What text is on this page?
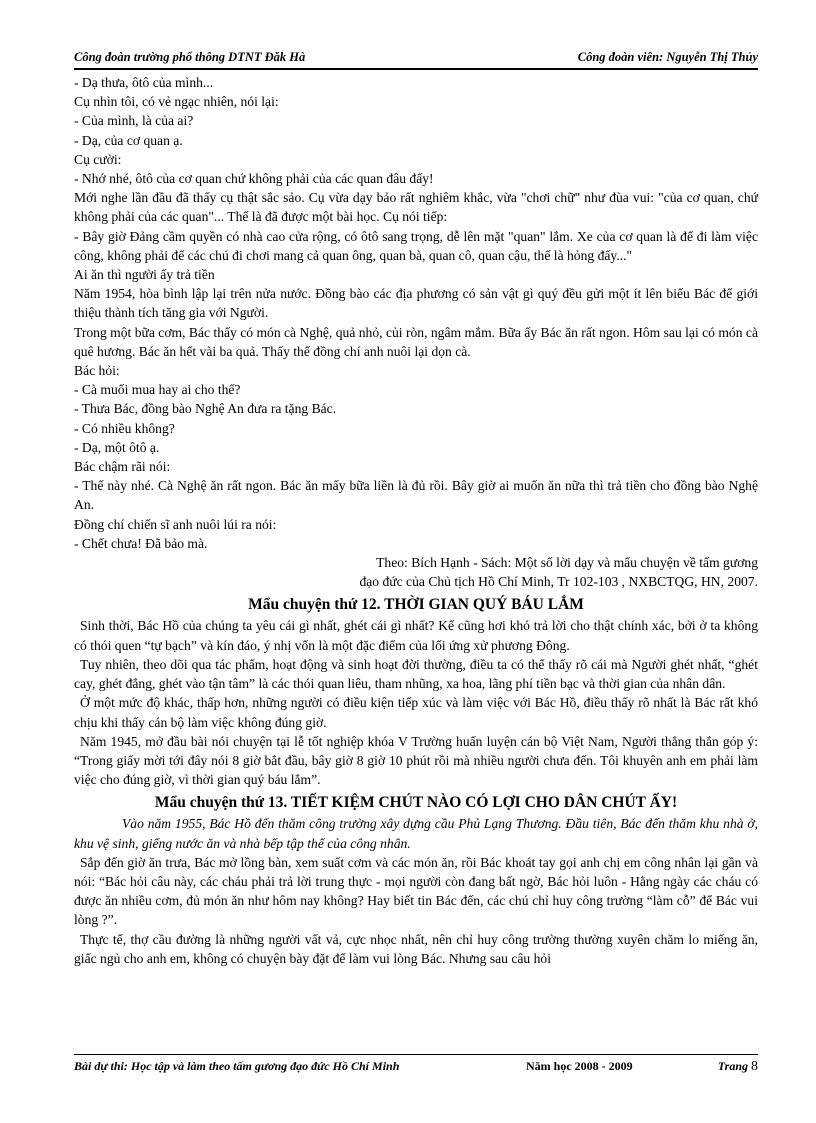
Công đoàn trường phổ thông DTNT Đăk Hà	Công đoàn viên: Nguyễn Thị Thủy

- Dạ thưa, ôtô của mình...

Cụ nhìn tôi, có vẻ ngạc nhiên, nói lại:

- Của mình, là của ai?

- Dạ, của cơ quan ạ.

Cụ cười:

- Nhớ nhé, ôtô của cơ quan chứ không phải của các quan đâu đấy!

Mới nghe lần đầu đã thấy cụ thật sắc sảo. Cụ vừa dạy bảo rất nghiêm khắc, vừa "chơi chữ" như đùa vui: "của cơ quan, chứ không phải của các quan"... Thế là đã được một bài học. Cụ nói tiếp:

- Bây giờ Đảng cầm quyền có nhà cao cửa rộng, có ôtô sang trọng, dễ lên mặt "quan" lắm. Xe của cơ quan là để đi làm việc công, không phải để các chú đi chơi mang cả quan ông, quan bà, quan cô, quan cậu, thế là hỏng đấy..."

Ai ăn thì người ấy trả tiền

Năm 1954, hòa bình lập lại trên nửa nước. Đồng bào các địa phương có sản vật gì quý đều gửi một ít lên biếu Bác để giới thiệu thành tích tăng gia với Người.

Trong một bữa cơm, Bác thấy có món cà Nghệ, quả nhỏ, củi ròn, ngâm mắm. Bữa ấy Bác ăn rất ngon. Hôm sau lại có món cà quê hương. Bác ăn hết vài ba quả. Thấy thế đồng chí anh nuôi lại dọn cà.

Bác hỏi:

- Cà muối mua hay ai cho thế?

- Thưa Bác, đồng bào Nghệ An đưa ra tặng Bác.

- Có nhiều không?

- Dạ, một ôtô ạ.

Bác chậm rãi nói:

- Thế này nhé. Cà Nghệ ăn rất ngon. Bác ăn mấy bữa liền là đủ rồi. Bây giờ ai muốn ăn nữa thì trả tiền cho đồng bào Nghệ An.

Đồng chí chiến sĩ anh nuôi lúi ra nói:

- Chết chưa! Đã bảo mà.

Theo: Bích Hạnh - Sách: Một số lời dạy và mẩu chuyện về tấm gương

đạo đức của Chủ tịch Hồ Chí Minh, Tr 102-103 , NXBCTQG, HN, 2007.

Mẩu chuyện thứ 12. THỜI GIAN QUÝ BÁU LẮM

Sinh thời, Bác Hồ của chúng ta yêu cái gì nhất, ghét cái gì nhất? Kể cũng hơi khó trả lời cho thật chính xác, bởi ở ta không có thói quen “tự bạch” và kín đáo, ý nhị vốn là một đặc điểm của lối ứng xử phương Đông.

Tuy nhiên, theo dõi qua tác phẩm, hoạt động và sinh hoạt đời thường, điều ta có thể thấy rõ cái mà Người ghét nhất, “ghét cay, ghét đắng, ghét vào tận tâm” là các thói quan liêu, tham nhũng, xa hoa, lãng phí tiền bạc và thời gian của nhân dân.

Ở một mức độ khác, thấp hơn, những người có điều kiện tiếp xúc và làm việc với Bác Hồ, điều thấy rõ nhất là Bác rất khó chịu khi thấy cán bộ làm việc không đúng giờ.

Năm 1945, mở đầu bài nói chuyện tại lễ tốt nghiệp khóa V Trường huấn luyện cán bộ Việt Nam, Người thẳng thắn góp ý: “Trong giấy mời tới đây nói 8 giờ bắt đầu, bây giờ 8 giờ 10 phút rồi mà nhiều người chưa đến. Tôi khuyên anh em phải làm việc cho đúng giờ, vì thời gian quý báu lắm”.

Mẩu chuyện thứ 13. TIẾT KIỆM CHÚT NÀO CÓ LỢI CHO DÂN CHÚT ẤY!

Vào năm 1955, Bác Hồ đến thăm công trường xây dựng cầu Phủ Lạng Thương. Đầu tiên, Bác đến thăm khu nhà ở, khu vệ sinh, giếng nước ăn và nhà bếp tập thể của công nhân.

Sắp đến giờ ăn trưa, Bác mở lồng bàn, xem suất cơm và các món ăn, rồi Bác khoát tay gọi anh chị em công nhân lại gần và nói: “Bác hỏi câu này, các cháu phải trả lời trung thực - mọi người còn đang bất ngờ, Bác hỏi luôn - Hằng ngày các cháu có được ăn nhiều cơm, đủ món ăn như hôm nay không? Hay biết tin Bác đến, các chú chỉ huy công trường “làm cỗ” để Bác vui lòng ?”.

Thực tế, thợ cầu đường là những người vất vả, cực nhọc nhất, nên chỉ huy công trường thường xuyên chăm lo miếng ăn, giấc ngủ cho anh em, không có chuyện bày đặt để làm vui lòng Bác. Nhưng sau câu hỏi

Bài dự thi: Học tập và làm theo tấm gương đạo đức Hồ Chí Minh	Năm học 2008 - 2009	Trang 8
